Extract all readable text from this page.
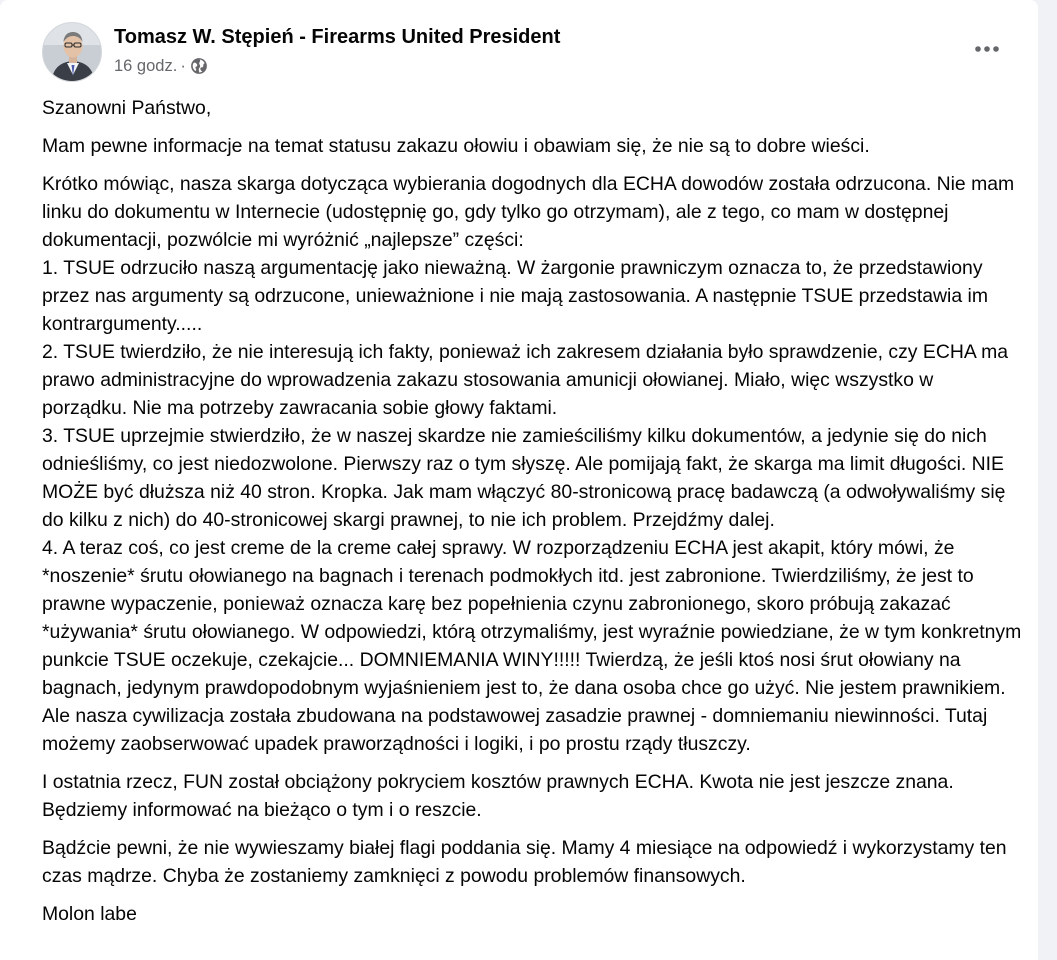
Tomasz W. Stępień - Firearms United President
16 godz. ·

Szanowni Państwo,

Mam pewne informacje na temat statusu zakazu ołowiu i obawiam się, że nie są to dobre wieści.

Krótko mówiąc, nasza skarga dotycząca wybierania dogodnych dla ECHA dowodów została odrzucona. Nie mam linku do dokumentu w Internecie (udostępnię go, gdy tylko go otrzymam), ale z tego, co mam w dostępnej dokumentacji, pozwólcie mi wyróżnić „najlepsze” części:
1. TSUE odrzuciło naszą argumentację jako nieważną. W żargonie prawniczym oznacza to, że przedstawiony przez nas argumenty są odrzucone, unieważnione i nie mają zastosowania. A następnie TSUE przedstawia im kontrargumenty.....
2. TSUE twierdziło, że nie interesują ich fakty, ponieważ ich zakresem działania było sprawdzenie, czy ECHA ma prawo administracyjne do wprowadzenia zakazu stosowania amunicji ołowianej. Miało, więc wszystko w porządku. Nie ma potrzeby zawracania sobie głowy faktami.
3. TSUE uprzejmie stwierdziło, że w naszej skardze nie zamieściliśmy kilku dokumentów, a jedynie się do nich odnieśliśmy, co jest niedozwolone. Pierwszy raz o tym słyszę. Ale pomijają fakt, że skarga ma limit długości. NIE MOŻE być dłuższa niż 40 stron. Kropka. Jak mam włączyć 80-stronicową pracę badawczą (a odwoływaliśmy się do kilku z nich) do 40-stronicowej skargi prawnej, to nie ich problem. Przejdźmy dalej.
4. A teraz coś, co jest creme de la creme całej sprawy. W rozporządzeniu ECHA jest akapit, który mówi, że *noszenie* śrutu ołowianego na bagnach i terenach podmokłych itd. jest zabronione. Twierdziliśmy, że jest to prawne wypaczenie, ponieważ oznacza karę bez popełnienia czynu zabronionego, skoro próbują zakazać *używania* śrutu ołowianego. W odpowiedzi, którą otrzymaliśmy, jest wyraźnie powiedziane, że w tym konkretnym punkcie TSUE oczekuje, czekajcie... DOMNIEMANIA WINY!!!!! Twierdzą, że jeśli ktoś nosi śrut ołowiany na bagnach, jedynym prawdopodobnym wyjaśnieniem jest to, że dana osoba chce go użyć. Nie jestem prawnikiem. Ale nasza cywilizacja została zbudowana na podstawowej zasadzie prawnej - domniemaniu niewinności. Tutaj możemy zaobserwować upadek praworządności i logiki, i po prostu rządy tłuszczy.

I ostatnia rzecz, FUN został obciążony pokryciem kosztów prawnych ECHA. Kwota nie jest jeszcze znana. Będziemy informować na bieżąco o tym i o reszcie.

Bądźcie pewni, że nie wywieszamy białej flagi poddania się. Mamy 4 miesiące na odpowiedź i wykorzystamy ten czas mądrze. Chyba że zostaniemy zamknięci z powodu problemów finansowych.

Molon labe
